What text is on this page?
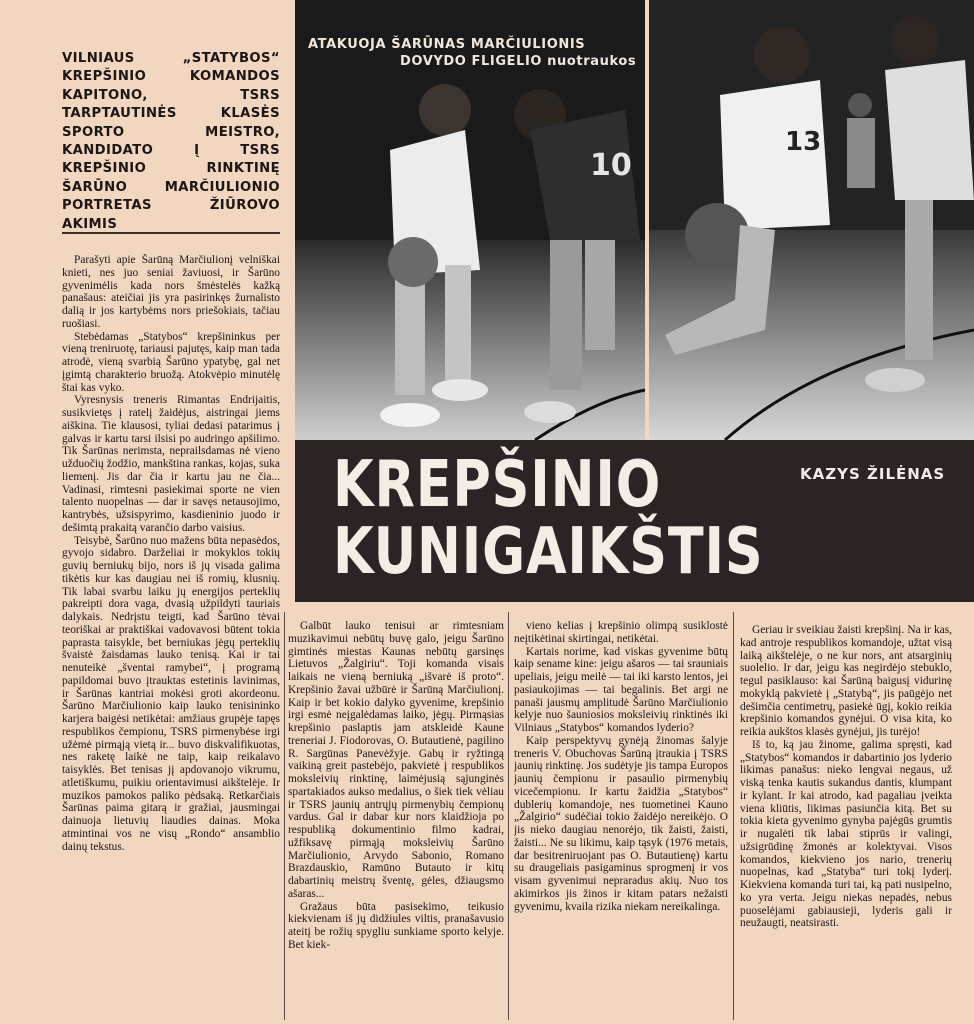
VILNIAUS „STATYBOS“ KREPŠINIO KOMANDOS KAPITONO, TSRS TARPTAUTINĖS KLASĖS SPORTO MEISTRO, KANDIDATO Į TSRS KREPŠINIO RINKTINĘ ŠARŪNO MARČIULIONIO PORTRETAS ŽIŪROVO AKIMIS

Parašyti apie Šarūną Marčiulionį velniškai knieti, nes juo seniai žaviuosi, ir Šarūno gyvenimėlis kada nors šmėstelės kažką panašaus: ateičiai jis yra pasirinkęs žurnalisto dalią ir jos kartybėms nors priešokiais, tačiau ruošiasi.

Stebėdamas „Statybos“ krepšininkus per vieną treniruotę, tariausi pajutęs, kaip man tada atrodė, vieną svarbią Šarūno ypatybę, gal net įgimtą charakterio bruožą. Atokvėpio minutėlę štai kas vyko.

Vyresnysis treneris Rimantas Endrijaitis, susikvietęs į ratelį žaidėjus, aistringai jiems aiškina. Tie klausosi, tyliai dedasi patarimus į galvas ir kartu tarsi ilsisi po audringo apšilimo. Tik Šarūnas nerimsta, neprailsdamas nė vieno užduočių žodžio, mankština rankas, kojas, suka liemenį. Jis dar čia ir kartu jau ne čia... Vadinasi, rimtesni pasiekimai sporte ne vien talento nuopelnas — dar ir savęs netausojimo, kantrybės, užsispyrimo, kasdieninio juodo ir dešimtą prakaitą varančio darbo vaisius.

Teisybė, Šarūno nuo mažens būta nepasėdos, gyvojo sidabro. Darželiai ir mokyklos tokių guvių berniukų bijo, nors iš jų visada galima tikėtis kur kas daugiau nei iš romių, klusnių. Tik labai svarbu laiku jų energijos perteklių pakreipti dora vaga, dvasią užpildyti tauriais dalykais. Nedrįstu teigti, kad Šarūno tėvai teoriškai ar praktiškai vadovavosi būtent tokia paprasta taisykle, bet berniukas jėgų perteklių švaistė žaisdamas lauko tenisą. Kai ir tai nenuteikė „šventai ramybei“, į programą papildomai buvo įtrauktas estetinis lavinimas, ir Šarūnas kantriai mokėsi groti akordeonu. Šarūno Marčiulionio kaip lauko tenisininko karjera baigėsi netikėtai: amžiaus grupėje tapęs respublikos čempionu, TSRS pirmenybėse irgi užėmė pirmąją vietą ir... buvo diskvalifikuotas, nes raketę laikė ne taip, kaip reikalavo taisyklės. Bet tenisas jį apdovanojo vikrumu, atletiškumu, puikiu orientavimusi aikštelėje. Ir muzikos pamokos paliko pėdsaką. Retkarčiais Šarūnas paima gitarą ir gražiai, jausmingai dainuoja lietuvių liaudies dainas. Moka atmintinai vos ne visų „Rondo“ ansamblio dainų tekstus.

10
13
ATAKUOJA ŠARŪNAS MARČIULIONIS
DOVYDO FLIGELIO nuotraukos
KREPŠINIO
KUNIGAIKŠTIS
KAZYS ŽILĖNAS

Galbūt lauko tenisui ar rimtesniam muzikavimui nebūtų buvę galo, jeigu Šarūno gimtinės miestas Kaunas nebūtų garsinęs Lietuvos „Žalgiriu“. Toji komanda visais laikais ne vieną berniuką „išvarė iš proto“. Krepšinio žavai užbūrė ir Šarūną Marčiulionį. Kaip ir bet kokio dalyko gyvenime, krepšinio irgi esmė neįgalėdamas laiko, jėgų. Pirmąsias krepšinio paslaptis jam atskleidė Kaune treneriai J. Fiodorovas, O. Butautienė, pagilino R. Sargūnas Panevėžyje. Gabų ir ryžtingą vaikiną greit pastebėjo, pakvietė į respublikos moksleivių rinktinę, laimėjusią sąjunginės spartakiados aukso medalius, o šiek tiek vėliau ir TSRS jaunių antrųjų pirmenybių čempionų vardus. Gal ir dabar kur nors klaidžioja po respubliką dokumentinio filmo kadrai, užfiksavę pirmąją moksleivių Šarūno Marčiulionio, Arvydo Sabonio, Romano Brazdauskio, Ramūno Butauto ir kitų dabartinių meistrų šventę, gėles, džiaugsmo ašaras...

Gražaus būta pasisekimo, teikusio kiekvienam iš jų didžiules viltis, pranašavusio ateitį be rožių spygliu sunkiame sporto kelyje. Bet kiek-

vieno kelias į krepšinio olimpą susiklostė neįtikėtinai skirtingai, netikėtai.

Kartais norime, kad viskas gyvenime būtų kaip sename kine: jeigu ašaros — tai srauniais upeliais, jeigu meilė — tai iki karsto lentos, jei pasiaukojimas — tai begalinis. Bet argi ne panaši jausmų amplitudė Šarūno Marčiulionio kelyje nuo šauniosios moksleivių rinktinės iki Vilniaus „Statybos“ komandos lyderio?

Kaip perspektyvų gynėją žinomas šalyje treneris V. Obuchovas Šarūną įtraukia į TSRS jaunių rinktinę. Jos sudėtyje jis tampa Europos jaunių čempionu ir pasaulio pirmenybių vicečempionu. Ir kartu žaidžia „Statybos“ dublerių komandoje, nes tuometinei Kauno „Žalgirio“ sudėčiai tokio žaidėjo nereikėjo. O jis nieko daugiau nenorėjo, tik žaisti, žaisti, žaisti... Ne su likimu, kaip tąsyk (1976 metais, dar besitreniruojant pas O. Butautienę) kartu su draugeliais pasigaminus sprogmenį ir vos visam gyvenimui nepraradus akių. Nuo tos akimirkos jis žinos ir kitam patars nežaisti gyvenimu, kvaila rizika niekam nereikalinga.

Geriau ir sveikiau žaisti krepšinį. Na ir kas, kad antroje respublikos komandoje, užtat visą laiką aikštelėje, o ne kur nors, ant atsarginių suolelio. Ir dar, jeigu kas negirdėjo stebuklo, tegul pasiklauso: kai Šarūną baigusį vidurinę mokyklą pakvietė į „Statybą“, jis paūgėjo net dešimčia centimetrų, pasiekė ūgį, kokio reikia krepšinio komandos gynėjui. O visa kita, ko reikia aukštos klasės gynėjui, jis turėjo!

Iš to, ką jau žinome, galima spręsti, kad „Statybos“ komandos ir dabartinio jos lyderio likimas panašus: nieko lengvai negaus, už viską tenka kautis sukandus dantis, klumpant ir kylant. Ir kai atrodo, kad pagaliau įveikta viena kliūtis, likimas pasiunčia kitą. Bet su tokia kieta gyvenimo gynyba pajėgūs grumtis ir nugalėti tik labai stiprūs ir valingi, užsigrūdinę žmonės ar kolektyvai. Visos komandos, kiekvieno jos nario, trenerių nuopelnas, kad „Statyba“ turi tokį lyderį. Kiekviena komanda turi tai, ką pati nusipelno, ko yra verta. Jeigu niekas nepadės, nebus puoselėjami gabiausieji, lyderis gali ir neužaugti, neatsirasti.
